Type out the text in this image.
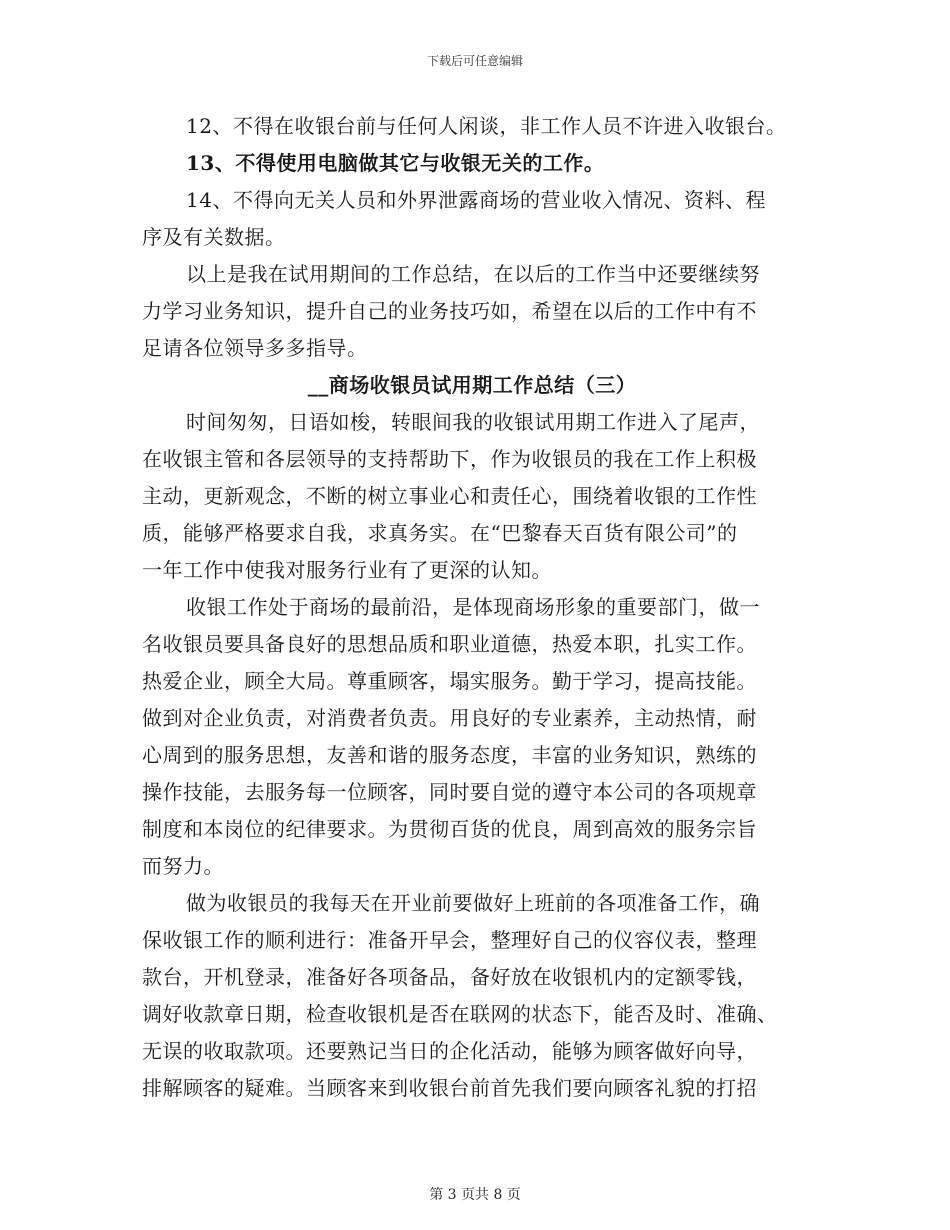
下载后可任意编辑
12、不得在收银台前与任何人闲谈，非工作人员不许进入收银台。
13、不得使用电脑做其它与收银无关的工作。
14、不得向无关人员和外界泄露商场的营业收入情况、资料、程
序及有关数据。
以上是我在试用期间的工作总结，在以后的工作当中还要继续努
力学习业务知识，提升自己的业务技巧如，希望在以后的工作中有不
足请各位领导多多指导。
__商场收银员试用期工作总结（三）
时间匆匆，日语如梭，转眼间我的收银试用期工作进入了尾声，
在收银主管和各层领导的支持帮助下，作为收银员的我在工作上积极
主动，更新观念，不断的树立事业心和责任心，围绕着收银的工作性
质，能够严格要求自我，求真务实。在“巴黎春天百货有限公司”的
一年工作中使我对服务行业有了更深的认知。
收银工作处于商场的最前沿，是体现商场形象的重要部门，做一
名收银员要具备良好的思想品质和职业道德，热爱本职，扎实工作。
热爱企业，顾全大局。尊重顾客，塌实服务。勤于学习，提高技能。
做到对企业负责，对消费者负责。用良好的专业素养，主动热情，耐
心周到的服务思想，友善和谐的服务态度，丰富的业务知识，熟练的
操作技能，去服务每一位顾客，同时要自觉的遵守本公司的各项规章
制度和本岗位的纪律要求。为贯彻百货的优良，周到高效的服务宗旨
而努力。
做为收银员的我每天在开业前要做好上班前的各项准备工作，确
保收银工作的顺利进行：准备开早会，整理好自己的仪容仪表，整理
款台，开机登录，准备好各项备品，备好放在收银机内的定额零钱，
调好收款章日期，检查收银机是否在联网的状态下，能否及时、准确、
无误的收取款项。还要熟记当日的企化活动，能够为顾客做好向导，
排解顾客的疑难。当顾客来到收银台前首先我们要向顾客礼貌的打招
第 3 页共 8 页
